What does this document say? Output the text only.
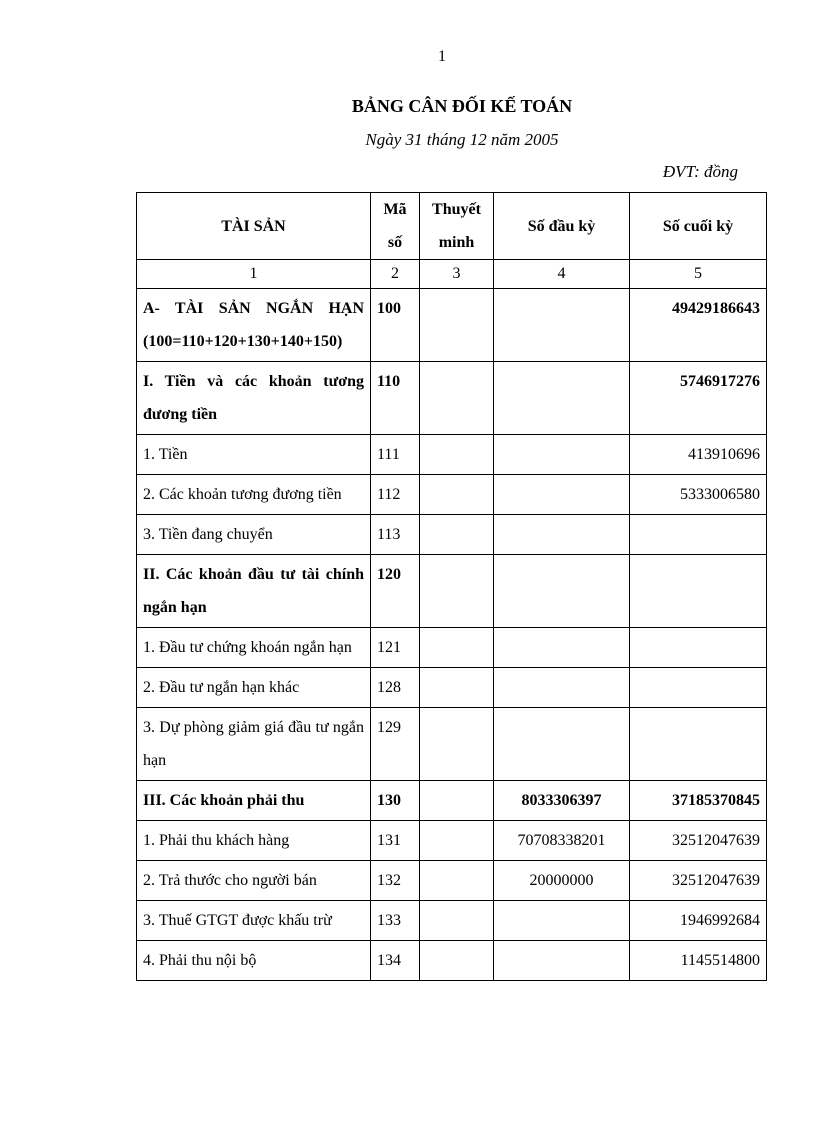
1
BẢNG CÂN ĐỐI KẾ TOÁN
Ngày 31 tháng 12 năm 2005
ĐVT: đồng
TÀI SẢN	Mã số	Thuyết minh	Số đầu kỳ	Số cuối kỳ
1	2	3	4	5
A- TÀI SẢN NGẮN HẠN (100=110+120+130+140+150)	100			49429186643
I. Tiền và các khoản tương đương tiền	110			5746917276
1. Tiền	111			413910696
2. Các khoản tương đương tiền	112			5333006580
3. Tiền đang chuyển	113			
II. Các khoản đầu tư tài chính ngắn hạn	120			
1. Đầu tư chứng khoán ngắn hạn	121			
2. Đầu tư ngắn hạn khác	128			
3. Dự phòng giảm giá đầu tư ngắn hạn	129			
III. Các khoản phải thu	130		8033306397	37185370845
1. Phải thu khách hàng	131		70708338201	32512047639
2. Trả thước cho người bán	132		20000000	32512047639
3. Thuế GTGT được khấu trừ	133			1946992684
4. Phải thu nội bộ	134			1145514800
